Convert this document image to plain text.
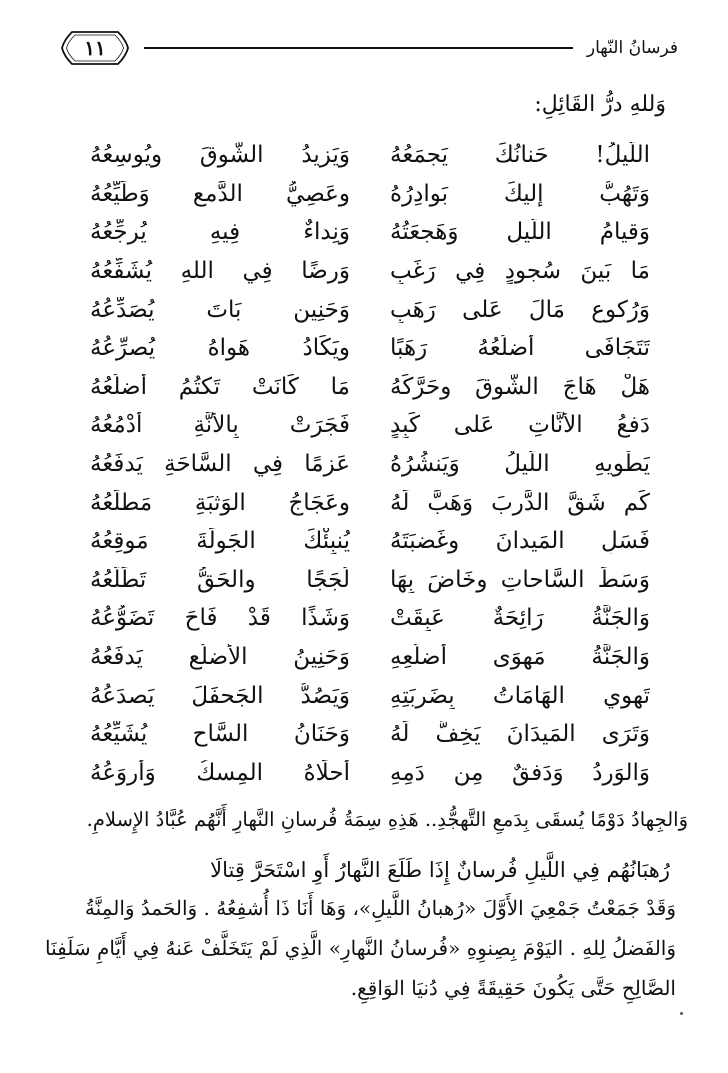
فرسانُ النّهار
١١
وَللهِ درُّ القَائِلِ:
اللَّيلُ! حَنانُكَ يَجمَعُهُ
وَيَزيدُ الشَّوقَ ويُوسِعُهُ
وَتَهُبُّ إِليكَ بَوادِرُهُ
وعَصِيُّ الدَّمعِ وَطَيِّعُهُ
وَقيامُ اللَّيلِ وَهَجعَتُهُ
وَنِداءٌ فِيهِ يُرجِّعُهُ
مَا بَينَ سُجودٍ فِي رَغَبٍ
وَرِضًا فِي اللهِ يُشَفِّعُهُ
وَرُكوعٍ مَالَ عَلى رَهَبٍ
وَحَنِينٍ بَاتَ يُصَدِّعُهُ
تَتَجَافَى أَضلُعُهُ رَهَبًا
ويَكَادُ هَواهُ يُصرِّعُهُ
هَلْ هَاجَ الشَّوقَ وحَرَّكَهُ
مَا كَانَتْ تَكتُمُ أَضلُعُهُ
دَفعُ الأَنَّاتِ عَلى كَبِدٍ
فَجَرَتْ بِالأَنَّةِ أَدْمُعُهُ
يَطْويهِ اللَّيلُ وَيَنشُرُهُ
عَزمًا فِي السَّاحَةِ يَدفَعُهُ
كَم شَقَّ الدَّربَ وَهَبَّ لَهُ
وعَجَاجُ الوَثبَةِ مَطلَعُهُ
فَسَلِ المَيدانَ وغَضبَتَهُ
يُنبِئْكَ الجَولَةَ مَوقِعُهُ
وَسَطَ السَّاحاتِ وخَاضَ بِهَا
لُجَجًا والحَقُّ تَطَلُّعُهُ
وَالجَنَّةُ رَائِحَةٌ عَبِقَتْ
وَشَذًا قَدْ فَاحَ تَضَوُّعُهُ
وَالجَنَّةُ مَهوَى أَضلُعِهِ
وَحَنِينُ الأَضلُعِ يَدفَعُهُ
تَهوِي الهَامَاتُ بِضَربَتِهِ
وَيَصُدُّ الجَحفَلَ يَصدَعُهُ
وَتَرَى المَيدَانَ يَخِفُّ لَهُ
وَحَنَانُ السَّاحِ يُشَيِّعُهُ
وَالوَردُ وَدَفقٌ مِن دَمِهِ
أَحلَاهُ المِسكُ وَأَروَعُهُ
وَالجِهادُ دَوْمًا يُسقَى بِدَمعِ التَّهجُّدِ.. هَذِهِ سِمَةُ فُرسانِ النَّهارِ أَنَّهُم عُبَّادُ الإِسلامِ.
رُهبَانُهُم فِي اللَّيلِ فُرسانٌ إِذَا طَلَعَ النَّهارُ أَوِ اسْتَحَرَّ قِتالَا
وَقَدْ جَمَعْتُ جَمْعِيَ الأَوَّلَ «رُهبانُ اللَّيلِ»، وَهَا أَنَا ذَا أُشفِعُهُ . وَالحَمدُ وَالمِنَّةُ
وَالفَضلُ لِلهِ . اليَوْمَ بِصِنوِهِ «فُرسانُ النَّهارِ» الَّذِي لَمْ يَتَخَلَّفْ عَنهُ فِي أَيَّامِ سَلَفِنَا
الصَّالِحِ حَتَّى يَكُونَ حَقِيقَةً فِي دُنيَا الوَاقِعِ.
